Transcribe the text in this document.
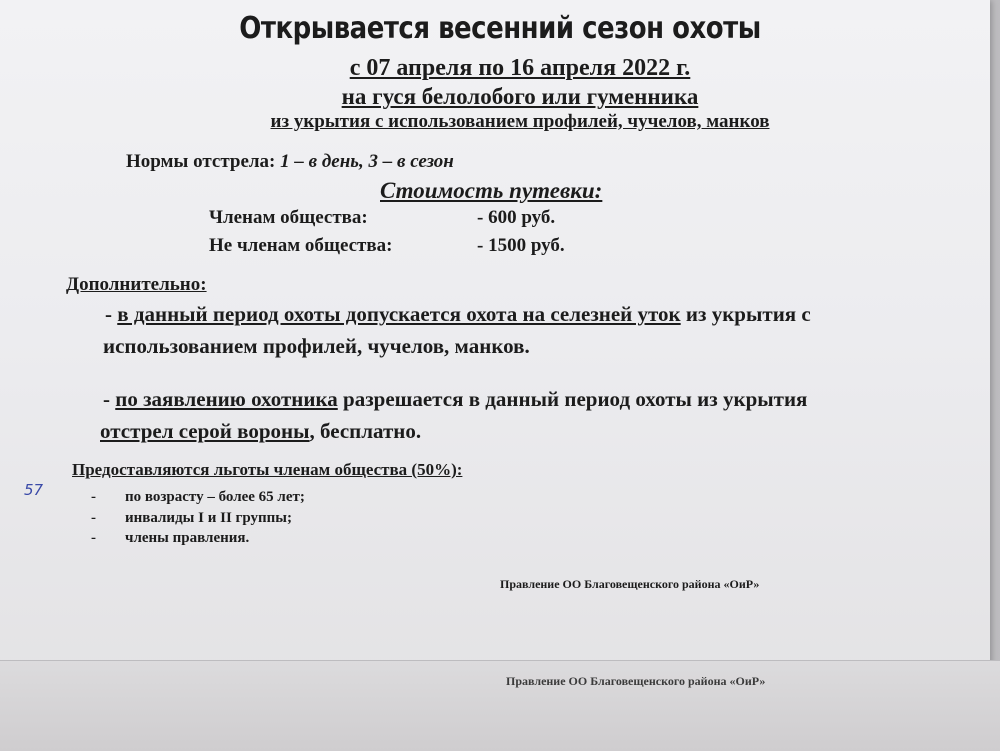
Открывается весенний сезон охоты

с 07 апреля по 16 апреля 2022 г.

на гуся белолобого или гуменника

из укрытия с использованием профилей, чучелов, манков

Нормы отстрела: 1 – в день, 3 – в сезон

Стоимость путевки:

Членам общества:	- 600 руб.

Не членам общества:	- 1500 руб.

Дополнительно:

- в данный период охоты допускается охота на селезней уток из укрытия с

использованием профилей, чучелов, манков.

- по заявлению охотника разрешается в данный период охоты из укрытия

отстрел серой вороны, бесплатно.

Предоставляются льготы членам общества (50%):

57	- по возрасту – более 65 лет;

- инвалиды I и II группы;

- члены правления.

Правление ОО Благовещенского района «ОиР»

Правление ОО Благовещенского района «ОиР»
